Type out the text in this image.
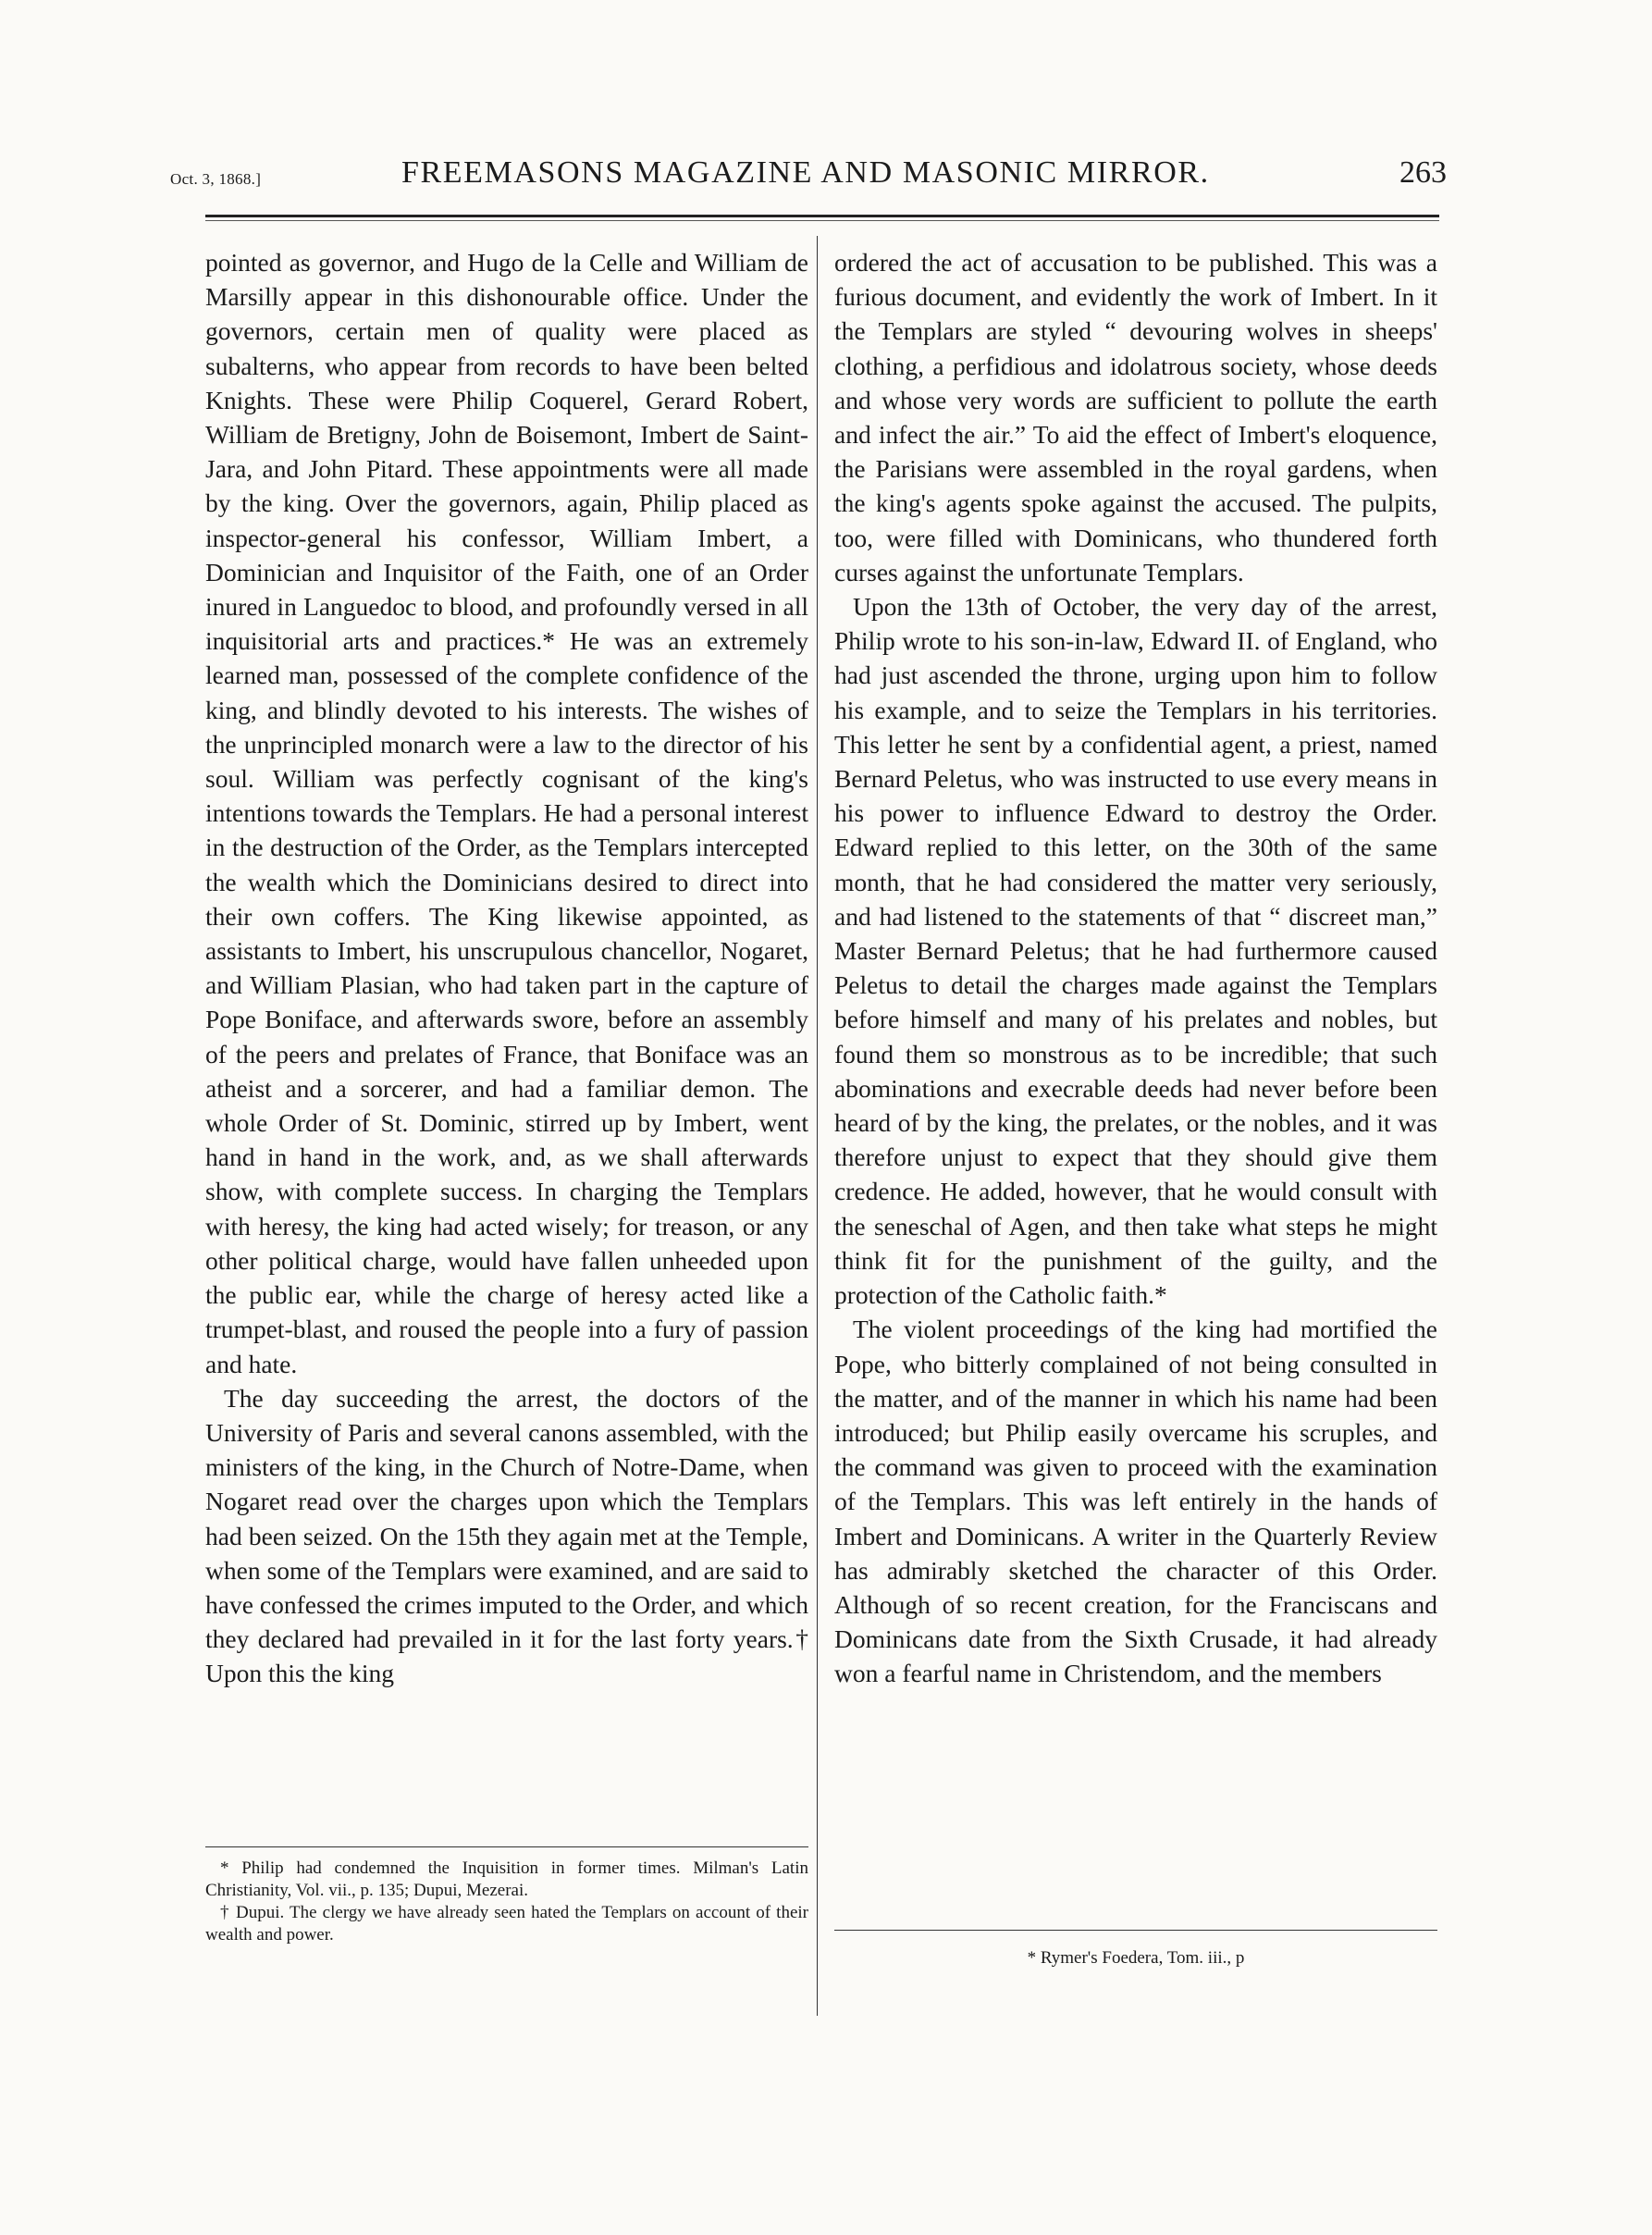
Oct. 3, 1868.]	FREEMASONS MAGAZINE AND MASONIC MIRROR.	263

pointed as governor, and Hugo de la Celle and William de Marsilly appear in this dishonourable office. Under the governors, certain men of quality were placed as subalterns, who appear from records to have been belted Knights. These were Philip Coquerel, Gerard Robert, William de Bretigny, John de Boisemont, Imbert de Saint-Jara, and John Pitard. These appointments were all made by the king. Over the governors, again, Philip placed as inspector-general his confessor, William Imbert, a Dominician and Inquisitor of the Faith, one of an Order inured in Languedoc to blood, and profoundly versed in all inquisitorial arts and practices.* He was an extremely learned man, possessed of the complete confidence of the king, and blindly devoted to his interests. The wishes of the unprincipled monarch were a law to the director of his soul. William was perfectly cognisant of the king's intentions towards the Templars. He had a personal interest in the destruction of the Order, as the Templars intercepted the wealth which the Dominicians desired to direct into their own coffers. The King likewise appointed, as assistants to Imbert, his unscrupulous chancellor, Nogaret, and William Plasian, who had taken part in the capture of Pope Boniface, and afterwards swore, before an assembly of the peers and prelates of France, that Boniface was an atheist and a sorcerer, and had a familiar demon. The whole Order of St. Dominic, stirred up by Imbert, went hand in hand in the work, and, as we shall afterwards show, with complete success. In charging the Templars with heresy, the king had acted wisely; for treason, or any other political charge, would have fallen unheeded upon the public ear, while the charge of heresy acted like a trumpet-blast, and roused the people into a fury of passion and hate.

The day succeeding the arrest, the doctors of the University of Paris and several canons assembled, with the ministers of the king, in the Church of Notre-Dame, when Nogaret read over the charges upon which the Templars had been seized. On the 15th they again met at the Temple, when some of the Templars were examined, and are said to have confessed the crimes imputed to the Order, and which they declared had prevailed in it for the last forty years.† Upon this the king

ordered the act of accusation to be published. This was a furious document, and evidently the work of Imbert. In it the Templars are styled “ devouring wolves in sheeps' clothing, a perfidious and idolatrous society, whose deeds and whose very words are sufficient to pollute the earth and infect the air.” To aid the effect of Imbert's eloquence, the Parisians were assembled in the royal gardens, when the king's agents spoke against the accused. The pulpits, too, were filled with Dominicans, who thundered forth curses against the unfortunate Templars.

Upon the 13th of October, the very day of the arrest, Philip wrote to his son-in-law, Edward II. of England, who had just ascended the throne, urging upon him to follow his example, and to seize the Templars in his territories. This letter he sent by a confidential agent, a priest, named Bernard Peletus, who was instructed to use every means in his power to influence Edward to destroy the Order. Edward replied to this letter, on the 30th of the same month, that he had considered the matter very seriously, and had listened to the statements of that “ discreet man,” Master Bernard Peletus; that he had furthermore caused Peletus to detail the charges made against the Templars before himself and many of his prelates and nobles, but found them so monstrous as to be incredible; that such abominations and execrable deeds had never before been heard of by the king, the prelates, or the nobles, and it was therefore unjust to expect that they should give them credence. He added, however, that he would consult with the seneschal of Agen, and then take what steps he might think fit for the punishment of the guilty, and the protection of the Catholic faith.*

The violent proceedings of the king had mortified the Pope, who bitterly complained of not being consulted in the matter, and of the manner in which his name had been introduced; but Philip easily overcame his scruples, and the command was given to proceed with the examination of the Templars. This was left entirely in the hands of Imbert and Dominicans. A writer in the Quarterly Review has admirably sketched the character of this Order. Although of so recent creation, for the Franciscans and Dominicans date from the Sixth Crusade, it had already won a fearful name in Christendom, and the members

* Philip had condemned the Inquisition in former times. Milman's Latin Christianity, Vol. vii., p. 135; Dupui, Mezerai.

† Dupui. The clergy we have already seen hated the Templars on account of their wealth and power.

* Rymer's Foedera, Tom. iii., p
